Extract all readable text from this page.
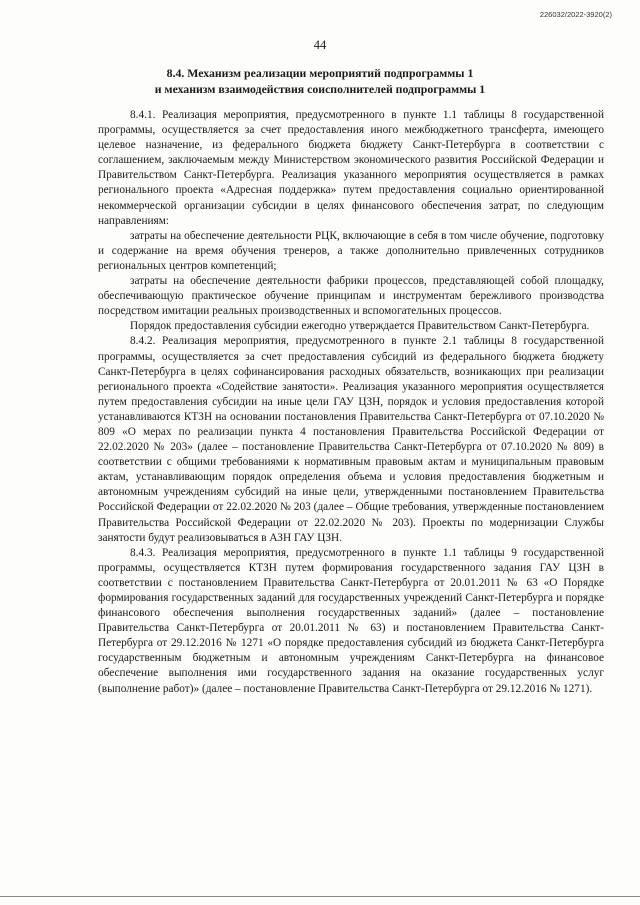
226032/2022-3920(2)
44
8.4. Механизм реализации мероприятий подпрограммы 1
и механизм взаимодействия соисполнителей подпрограммы 1

8.4.1. Реализация мероприятия, предусмотренного в пункте 1.1 таблицы 8 государственной программы, осуществляется за счет предоставления иного межбюджетного трансферта, имеющего целевое назначение, из федерального бюджета бюджету Санкт-Петербурга в соответствии с соглашением, заключаемым между Министерством экономического развития Российской Федерации и Правительством Санкт-Петербурга. Реализация указанного мероприятия осуществляется в рамках регионального проекта «Адресная поддержка» путем предоставления социально ориентированной некоммерческой организации субсидии в целях финансового обеспечения затрат, по следующим направлениям:

затраты на обеспечение деятельности РЦК, включающие в себя в том числе обучение, подготовку и содержание на время обучения тренеров, а также дополнительно привлеченных сотрудников региональных центров компетенций;

затраты на обеспечение деятельности фабрики процессов, представляющей собой площадку, обеспечивающую практическое обучение принципам и инструментам бережливого производства посредством имитации реальных производственных и вспомогательных процессов.

Порядок предоставления субсидии ежегодно утверждается Правительством Санкт-Петербурга.

8.4.2. Реализация мероприятия, предусмотренного в пункте 2.1 таблицы 8 государственной программы, осуществляется за счет предоставления субсидий из федерального бюджета бюджету Санкт-Петербурга в целях софинансирования расходных обязательств, возникающих при реализации регионального проекта «Содействие занятости». Реализация указанного мероприятия осуществляется путем предоставления субсидии на иные цели ГАУ ЦЗН, порядок и условия предоставления которой устанавливаются КТЗН на основании постановления Правительства Санкт-Петербурга от 07.10.2020 № 809 «О мерах по реализации пункта 4 постановления Правительства Российской Федерации от 22.02.2020 № 203» (далее – постановление Правительства Санкт-Петербурга от 07.10.2020 № 809) в соответствии с общими требованиями к нормативным правовым актам и муниципальным правовым актам, устанавливающим порядок определения объема и условия предоставления бюджетным и автономным учреждениям субсидий на иные цели, утвержденными постановлением Правительства Российской Федерации от 22.02.2020 № 203 (далее – Общие требования, утвержденные постановлением Правительства Российской Федерации от 22.02.2020 № 203). Проекты по модернизации Службы занятости будут реализовываться в АЗН ГАУ ЦЗН.

8.4.3. Реализация мероприятия, предусмотренного в пункте 1.1 таблицы 9 государственной программы, осуществляется КТЗН путем формирования государственного задания ГАУ ЦЗН в соответствии с постановлением Правительства Санкт-Петербурга от 20.01.2011 № 63 «О Порядке формирования государственных заданий для государственных учреждений Санкт-Петербурга и порядке финансового обеспечения выполнения государственных заданий» (далее – постановление Правительства Санкт-Петербурга от 20.01.2011 № 63) и постановлением Правительства Санкт-Петербурга от 29.12.2016 № 1271 «О порядке предоставления субсидий из бюджета Санкт-Петербурга государственным бюджетным и автономным учреждениям Санкт-Петербурга на финансовое обеспечение выполнения ими государственного задания на оказание государственных услуг (выполнение работ)» (далее – постановление Правительства Санкт-Петербурга от 29.12.2016 № 1271).
